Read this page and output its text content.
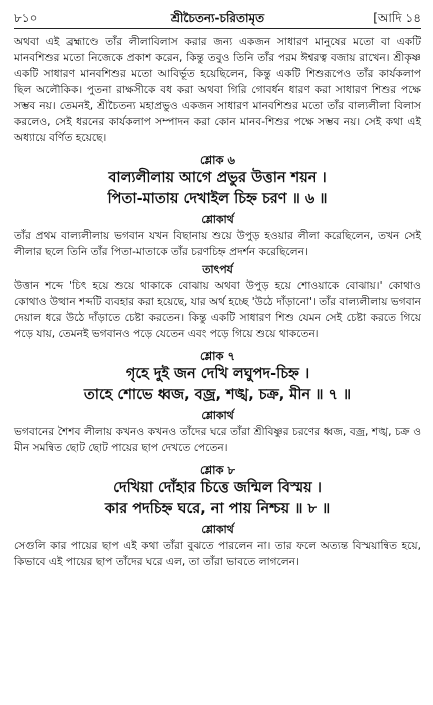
৮১০	শ্রীচৈতন্য-চরিতামৃত	[আদি ১৪

অথবা এই ব্রহ্মাণ্ডে তাঁর লীলাবিলাস করার জন্য একজন সাধারণ মানুষের মতো বা একটি মানবশিশুর মতো নিজেকে প্রকাশ করেন, কিন্তু তবুও তিনি তাঁর পরম ঈশ্বরত্ব বজায় রাখেন। শ্রীকৃষ্ণ একটি সাধারণ মানবশিশুর মতো আবির্ভূত হয়েছিলেন, কিন্তু একটি শিশুরূপেও তাঁর কার্যকলাপ ছিল অলৌকিক। পুতনা রাক্ষসীকে বধ করা অথবা গিরি গোবর্ধন ধারণ করা সাধারণ শিশুর পক্ষে সম্ভব নয়। তেমনই, শ্রীচৈতন্য মহাপ্রভুও একজন সাধারণ মানবশিশুর মতো তাঁর বাল্যলীলা বিলাস করলেও, সেই ধরনের কার্যকলাপ সম্পাদন করা কোন মানব-শিশুর পক্ষে সম্ভব নয়। সেই কথা এই অধ্যায়ে বর্ণিত হয়েছে।

শ্লোক ৬
বাল্যলীলায় আগে প্রভুর উত্তান শয়ন ।
পিতা-মাতায় দেখাইল চিহ্ন চরণ ॥ ৬ ॥
শ্লোকার্থ

তাঁর প্রথম বাল্যলীলায় ভগবান যখন বিছানায় শুয়ে উপুড় হওয়ার লীলা করেছিলেন, তখন সেই লীলার ছলে তিনি তাঁর পিতা-মাতাকে তাঁর চরণচিহ্ন প্রদর্শন করেছিলেন।

তাৎপর্য

উত্তান শব্দে 'চিৎ হয়ে শুয়ে থাকাকে বোঝায় অথবা উপুড় হয়ে শোওয়াকে বোঝায়।' কোথাও কোথাও উত্থান শব্দটি ব্যবহার করা হয়েছে, যার অর্থ হচ্ছে 'উঠে দাঁড়ানো'। তাঁর বাল্যলীলায় ভগবান দেয়াল ধরে উঠে দাঁড়াতে চেষ্টা করতেন। কিন্তু একটি সাধারণ শিশু যেমন সেই চেষ্টা করতে গিয়ে পড়ে যায়, তেমনই ভগবানও পড়ে যেতেন এবং পড়ে গিয়ে শুয়ে থাকতেন।

শ্লোক ৭
গৃহে দুই জন দেখি লঘুপদ-চিহ্ন ।
তাহে শোভে ধ্বজ, বজ্র, শঙ্খ, চক্র, মীন ॥ ৭ ॥
শ্লোকার্থ

ভগবানের শৈশব লীলায় কখনও কখনও তাঁদের ঘরে তাঁরা শ্রীবিষ্ণুর চরণের ধ্বজ, বজ্র, শঙ্খ, চক্র ও মীন সমন্বিত ছোট ছোট পায়ের ছাপ দেখতে পেতেন।

শ্লোক ৮
দেখিয়া দোঁহার চিত্তে জন্মিল বিস্ময় ।
কার পদচিহ্ন ঘরে, না পায় নিশ্চয় ॥ ৮ ॥
শ্লোকার্থ

সেগুলি কার পায়ের ছাপ এই কথা তাঁরা বুঝতে পারলেন না। তার ফলে অত্যন্ত বিস্ময়ান্বিত হয়ে, কিভাবে এই পায়ের ছাপ তাঁদের ঘরে এল, তা তাঁরা ভাবতে লাগলেন।
